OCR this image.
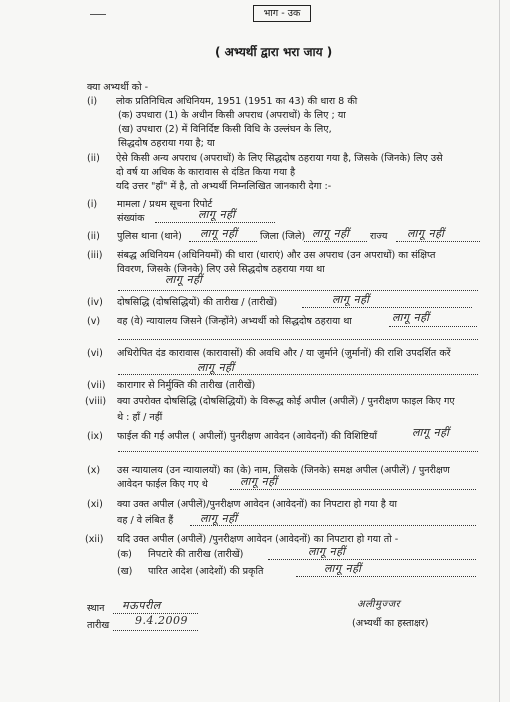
भाग - उक
( अभ्यर्थी द्वारा भरा जाय )
क्या अभ्यर्थी को -
(i) लोक प्रतिनिधित्व अधिनियम, 1951 (1951 का 43) की धारा 8 की
(क) उपधारा (1) के अधीन किसी अपराध (अपराधों) के लिए ; या
(ख) उपधारा (2) में विनिर्दिष्ट किसी विधि के उल्लंघन के लिए,
सिद्धदोष ठहराया गया है; या
(ii) ऐसे किसी अन्य अपराध (अपराधों) के लिए सिद्धदोष ठहराया गया है, जिसके (जिनके) लिए उसे
दो वर्ष या अधिक के कारावास से दंडित किया गया है
यदि उत्तर "हाँ" में है, तो अभ्यर्थी निम्नलिखित जानकारी देगा :-
(i) मामला / प्रथम सूचना रिपोर्ट
संख्यांक	लागू नहीं
(ii) पुलिस थाना (थाने) लागू नहीं जिला (जिले) लागू नहीं राज्य लागू नहीं
(iii) संबद्ध अधिनियम (अधिनियमों) की धारा (धाराएं) और उस अपराध (उन अपराधों) का संक्षिप्त
विवरण, जिसके (जिनके) लिए उसे सिद्धदोष ठहराया गया था
लागू नहीं
(iv) दोषसिद्धि (दोषसिद्धियों) की तारीख / (तारीखें)	लागू नहीं
(v) वह (वे) न्यायालय जिसने (जिन्होंने) अभ्यर्थी को सिद्धदोष ठहराया था	लागू नहीं
(vi) अधिरोपित दंड कारावास (कारावासों) की अवधि और / या जुर्माने (जुर्मानों) की राशि उपदर्शित करें
लागू नहीं
(vii) कारागार से निर्मुक्ति की तारीख (तारीखें)
(viii) क्या उपरोक्त दोषसिद्धि (दोषसिद्धियों) के विरूद्ध कोई अपील (अपीलें) / पुनरीक्षण फाइल किए गए
थे : हाँ / नहीं
(ix) फाईल की गई अपील ( अपीलों) पुनरीक्षण आवेदन (आवेदनों) की विशिष्टियाँ	लागू नहीं
(x) उस न्यायालय (उन न्यायालयों) का (के) नाम, जिसके (जिनके) समक्ष अपील (अपीलें) / पुनरीक्षण
आवेदन फाईल किए गए थे	लागू नहीं
(xi) क्या उक्त अपील (अपीलें)/पुनरीक्षण आवेदन (आवेदनों) का निपटारा हो गया है या
वह / वे लंबित हैं लागू नहीं
(xii) यदि उक्त अपील (अपीलें) /पुनरीक्षण आवेदन (आवेदनों) का निपटारा हो गया तो -
(क) निपटारे की तारीख (तारीखें)	लागू नहीं
(ख) पारित आदेश (आदेशों) की प्रकृति	लागू नहीं
स्थान मऊपरील
तारीख 9.4.2009
अलीमुज्जर
(अभ्यर्थी का हस्ताक्षर)
